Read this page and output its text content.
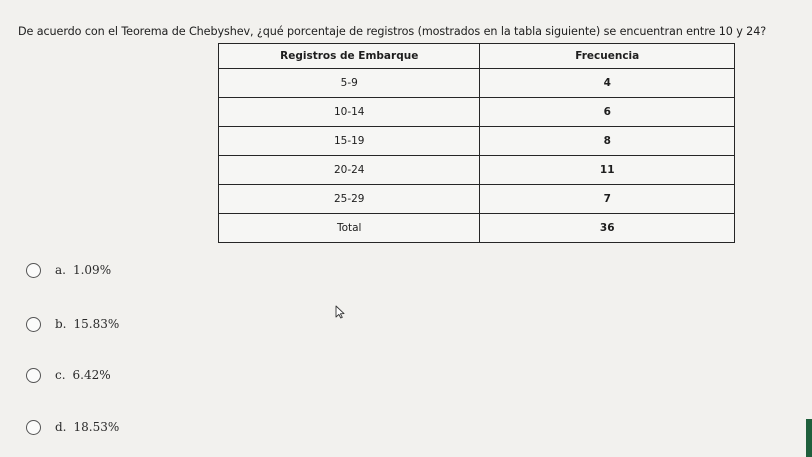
De acuerdo con el Teorema de Chebyshev, ¿qué porcentaje de registros (mostrados en la tabla siguiente) se encuentran entre 10 y 24?
Registros de Embarque	Frecuencia
5-9	4
10-14	6
15-19	8
20-24	11
25-29	7
Total	36
a. 1.09%
b. 15.83%
c. 6.42%
d. 18.53%
